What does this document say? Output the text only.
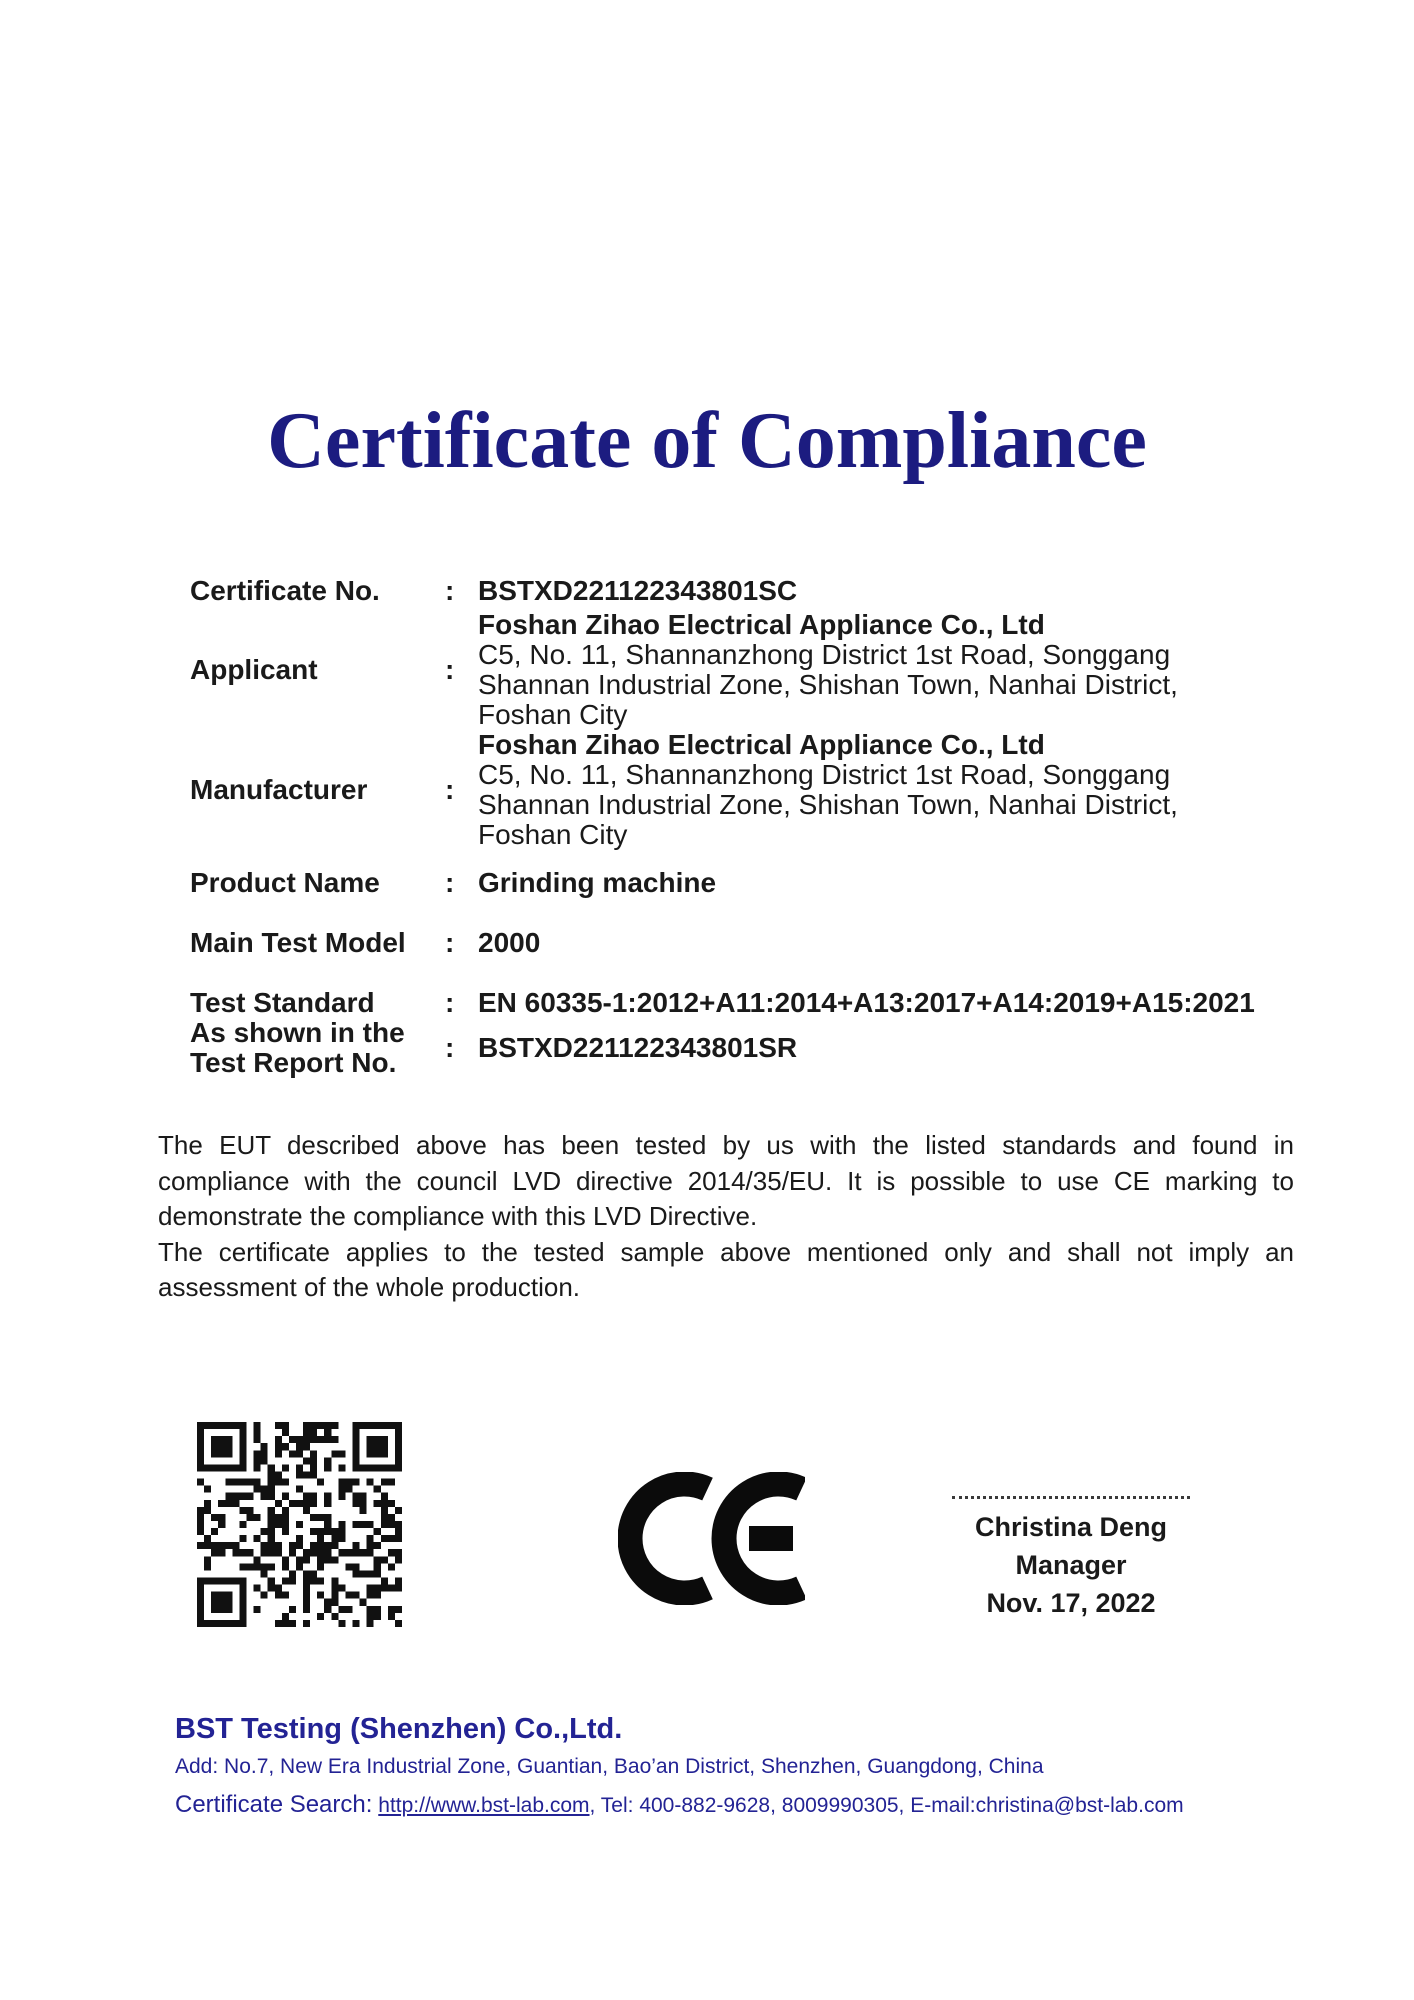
Certificate of Compliance
Certificate No.	: BSTXD221122343801SC
Applicant	:
Foshan Zihao Electrical Appliance Co., Ltd
C5, No. 11, Shannanzhong District 1st Road, Songgang
Shannan Industrial Zone, Shishan Town, Nanhai District,
Foshan City
Manufacturer	:
Foshan Zihao Electrical Appliance Co., Ltd
C5, No. 11, Shannanzhong District 1st Road, Songgang
Shannan Industrial Zone, Shishan Town, Nanhai District,
Foshan City
Product Name	: Grinding machine
Main Test Model	: 2000
Test Standard	: EN 60335-1:2012+A11:2014+A13:2017+A14:2019+A15:2021
As shown in the
Test Report No.	: BSTXD221122343801SR

The EUT described above has been tested by us with the listed standards and found in compliance with the council LVD directive 2014/35/EU. It is possible to use CE marking to demonstrate the compliance with this LVD Directive.

The certificate applies to the tested sample above mentioned only and shall not imply an assessment of the whole production.

Christina Deng
Manager
Nov. 17, 2022
BST Testing (Shenzhen) Co.,Ltd.
Add: No.7, New Era Industrial Zone, Guantian, Bao’an District, Shenzhen, Guangdong, China
Certificate Search: http://www.bst-lab.com, Tel: 400-882-9628, 8009990305, E-mail:christina@bst-lab.com
